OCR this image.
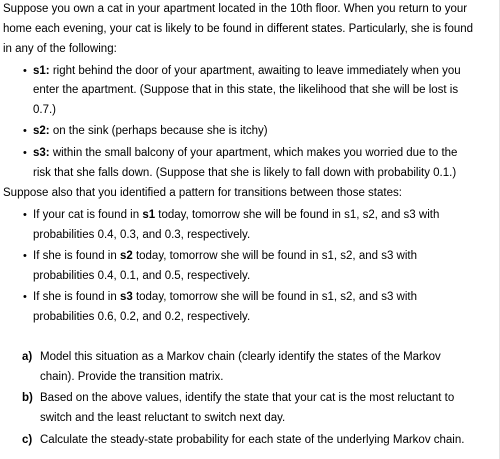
Suppose you own a cat in your apartment located in the 10th floor. When you return to your
home each evening, your cat is likely to be found in different states. Particularly, she is found
in any of the following:
• s1: right behind the door of your apartment, awaiting to leave immediately when you
enter the apartment. (Suppose that in this state, the likelihood that she will be lost is
0.7.)
• s2: on the sink (perhaps because she is itchy)
• s3: within the small balcony of your apartment, which makes you worried due to the
risk that she falls down. (Suppose that she is likely to fall down with probability 0.1.)
Suppose also that you identified a pattern for transitions between those states:
• If your cat is found in s1 today, tomorrow she will be found in s1, s2, and s3 with
probabilities 0.4, 0.3, and 0.3, respectively.
• If she is found in s2 today, tomorrow she will be found in s1, s2, and s3 with
probabilities 0.4, 0.1, and 0.5, respectively.
• If she is found in s3 today, tomorrow she will be found in s1, s2, and s3 with
probabilities 0.6, 0.2, and 0.2, respectively.
a) Model this situation as a Markov chain (clearly identify the states of the Markov
chain). Provide the transition matrix.
b) Based on the above values, identify the state that your cat is the most reluctant to
switch and the least reluctant to switch next day.
c) Calculate the steady-state probability for each state of the underlying Markov chain.
